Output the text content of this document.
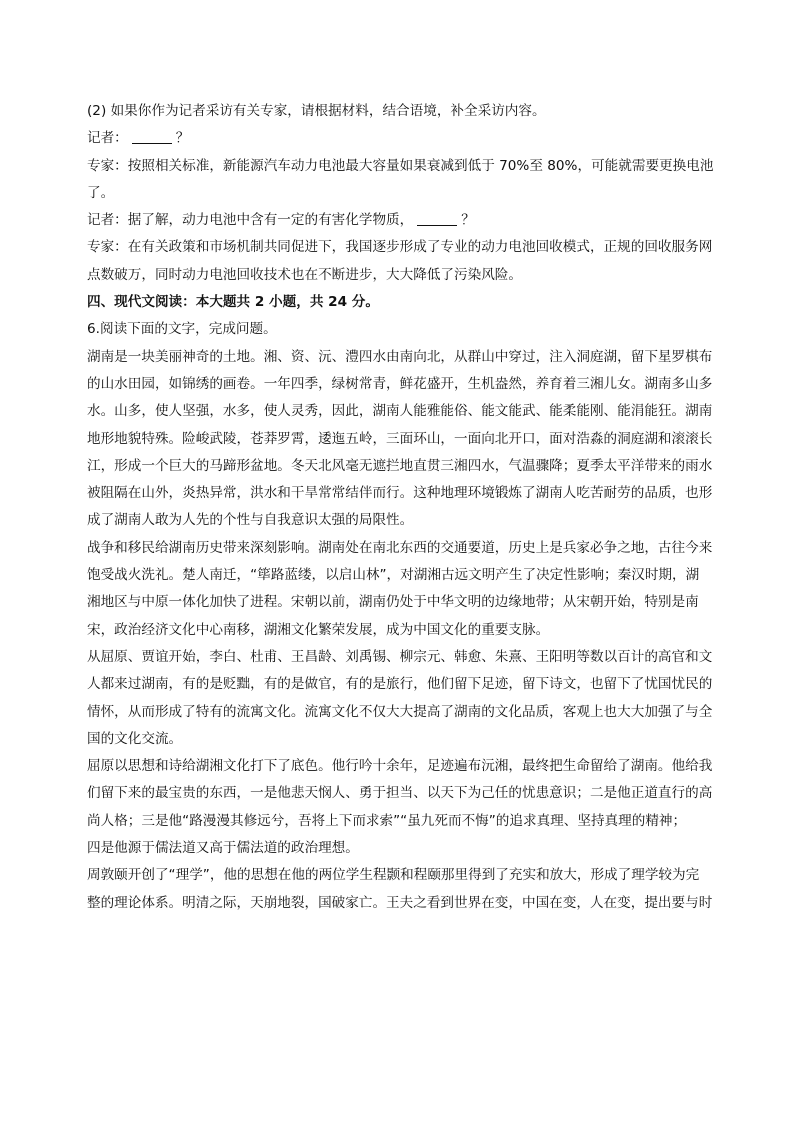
(2) 如果你作为记者采访有关专家，请根据材料，结合语境，补全采访内容。
记者：	？
专家：按照相关标准，新能源汽车动力电池最大容量如果衰减到低于 70%至 80%，可能就需要更换电池
了。
记者：据了解，动力电池中含有一定的有害化学物质，	？
专家：在有关政策和市场机制共同促进下，我国逐步形成了专业的动力电池回收模式，正规的回收服务网
点数破万，同时动力电池回收技术也在不断进步，大大降低了污染风险。
四、现代文阅读：本大题共 2 小题，共 24 分。
6.阅读下面的文字，完成问题。
湖南是一块美丽神奇的土地。湘、资、沅、澧四水由南向北，从群山中穿过，注入洞庭湖，留下星罗棋布
的山水田园，如锦绣的画卷。一年四季，绿树常青，鲜花盛开，生机盎然，养育着三湘儿女。湖南多山多
水。山多，使人坚强，水多，使人灵秀，因此，湖南人能雅能俗、能文能武、能柔能刚、能涓能狂。湖南
地形地貌特殊。险峻武陵，苍莽罗霄，逶迤五岭，三面环山，一面向北开口，面对浩淼的洞庭湖和滚滚长
江，形成一个巨大的马蹄形盆地。冬天北风毫无遮拦地直贯三湘四水，气温骤降；夏季太平洋带来的雨水
被阻隔在山外，炎热异常，洪水和干旱常常结伴而行。这种地理环境锻炼了湖南人吃苦耐劳的品质，也形
成了湖南人敢为人先的个性与自我意识太强的局限性。
战争和移民给湖南历史带来深刻影响。湖南处在南北东西的交通要道，历史上是兵家必争之地，古往今来
饱受战火洗礼。楚人南迁，“筚路蓝缕，以启山林”，对湖湘古远文明产生了决定性影响；秦汉时期，湖
湘地区与中原一体化加快了进程。宋朝以前，湖南仍处于中华文明的边缘地带；从宋朝开始，特别是南
宋，政治经济文化中心南移，湖湘文化繁荣发展，成为中国文化的重要支脉。
从屈原、贾谊开始，李白、杜甫、王昌龄、刘禹锡、柳宗元、韩愈、朱熹、王阳明等数以百计的高官和文
人都来过湖南，有的是贬黜，有的是做官，有的是旅行，他们留下足迹，留下诗文，也留下了忧国忧民的
情怀，从而形成了特有的流寓文化。流寓文化不仅大大提高了湖南的文化品质，客观上也大大加强了与全
国的文化交流。
屈原以思想和诗给湖湘文化打下了底色。他行吟十余年，足迹遍布沅湘，最终把生命留给了湖南。他给我
们留下来的最宝贵的东西，一是他悲天悯人、勇于担当、以天下为己任的忧患意识；二是他正道直行的高
尚人格；三是他“路漫漫其修远兮，吾将上下而求索”“虽九死而不悔”的追求真理、坚持真理的精神；
四是他源于儒法道又高于儒法道的政治理想。
周敦颐开创了“理学”，他的思想在他的两位学生程颢和程颐那里得到了充实和放大，形成了理学较为完
整的理论体系。明清之际，天崩地裂，国破家亡。王夫之看到世界在变，中国在变，人在变，提出要与时
